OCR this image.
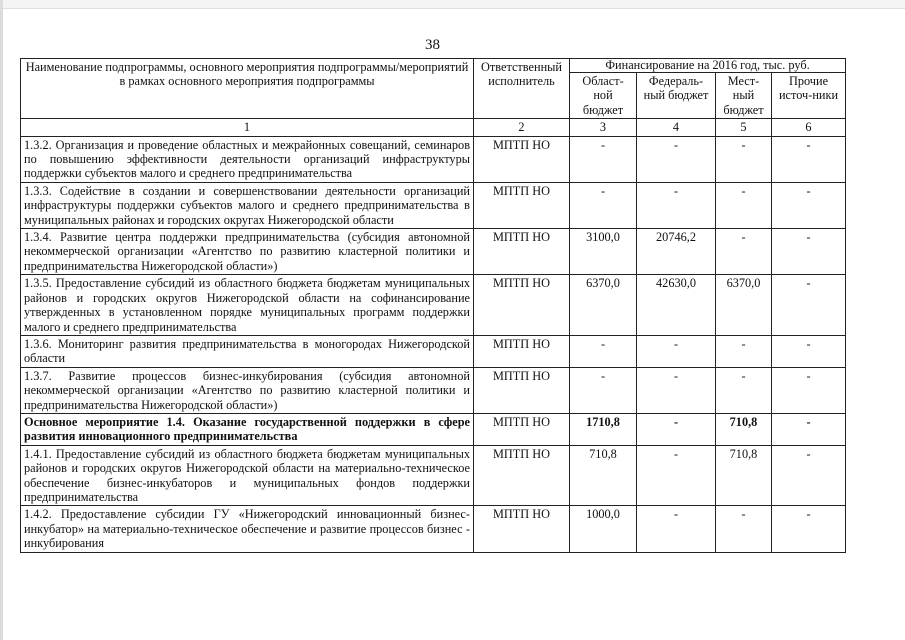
38
Наименование подпрограммы, основного мероприятия подпрограммы/мероприятий в рамках основного мероприятия подпрограммы	Ответственный исполнитель	Финансирование на 2016 год, тыс. руб.			
		Област-ной бюджет	Федераль-ный бюджет	Мест-ный бюджет	Прочие источ-ники
1	2	3	4	5	6
1.3.2. Организация и проведение областных и межрайонных совещаний, семинаров по повышению эффективности деятельности организаций инфраструктуры поддержки субъектов малого и среднего предпринимательства	МПТП НО	-	-	-	-
1.3.3. Содействие в создании и совершенствовании деятельности организаций инфраструктуры поддержки субъектов малого и среднего предпринимательства в муниципальных районах и городских округах Нижегородской области	МПТП НО	-	-	-	-
1.3.4. Развитие центра поддержки предпринимательства (субсидия автономной некоммерческой организации «Агентство по развитию кластерной политики и предпринимательства Нижегородской области»)	МПТП НО	3100,0	20746,2	-	-
1.3.5. Предоставление субсидий из областного бюджета бюджетам муниципальных районов и городских округов Нижегородской области на софинансирование утвержденных в установленном порядке муниципальных программ поддержки малого и среднего предпринимательства	МПТП НО	6370,0	42630,0	6370,0	-
1.3.6. Мониторинг развития предпринимательства в моногородах Нижегородской области	МПТП НО	-	-	-	-
1.3.7. Развитие процессов бизнес-инкубирования (субсидия автономной некоммерческой организации «Агентство по развитию кластерной политики и предпринимательства Нижегородской области»)	МПТП НО	-	-	-	-
Основное мероприятие 1.4. Оказание государственной поддержки в сфере развития инновационного предпринимательства	МПТП НО	1710,8	-	710,8	-
1.4.1. Предоставление субсидий из областного бюджета бюджетам муниципальных районов и городских округов Нижегородской области на материально-техническое обеспечение бизнес-инкубаторов и муниципальных фондов поддержки предпринимательства	МПТП НО	710,8	-	710,8	-
1.4.2. Предоставление субсидии ГУ «Нижегородский инновационный бизнес-инкубатор» на материально-техническое обеспечение и развитие процессов бизнес - инкубирования	МПТП НО	1000,0	-	-	-
